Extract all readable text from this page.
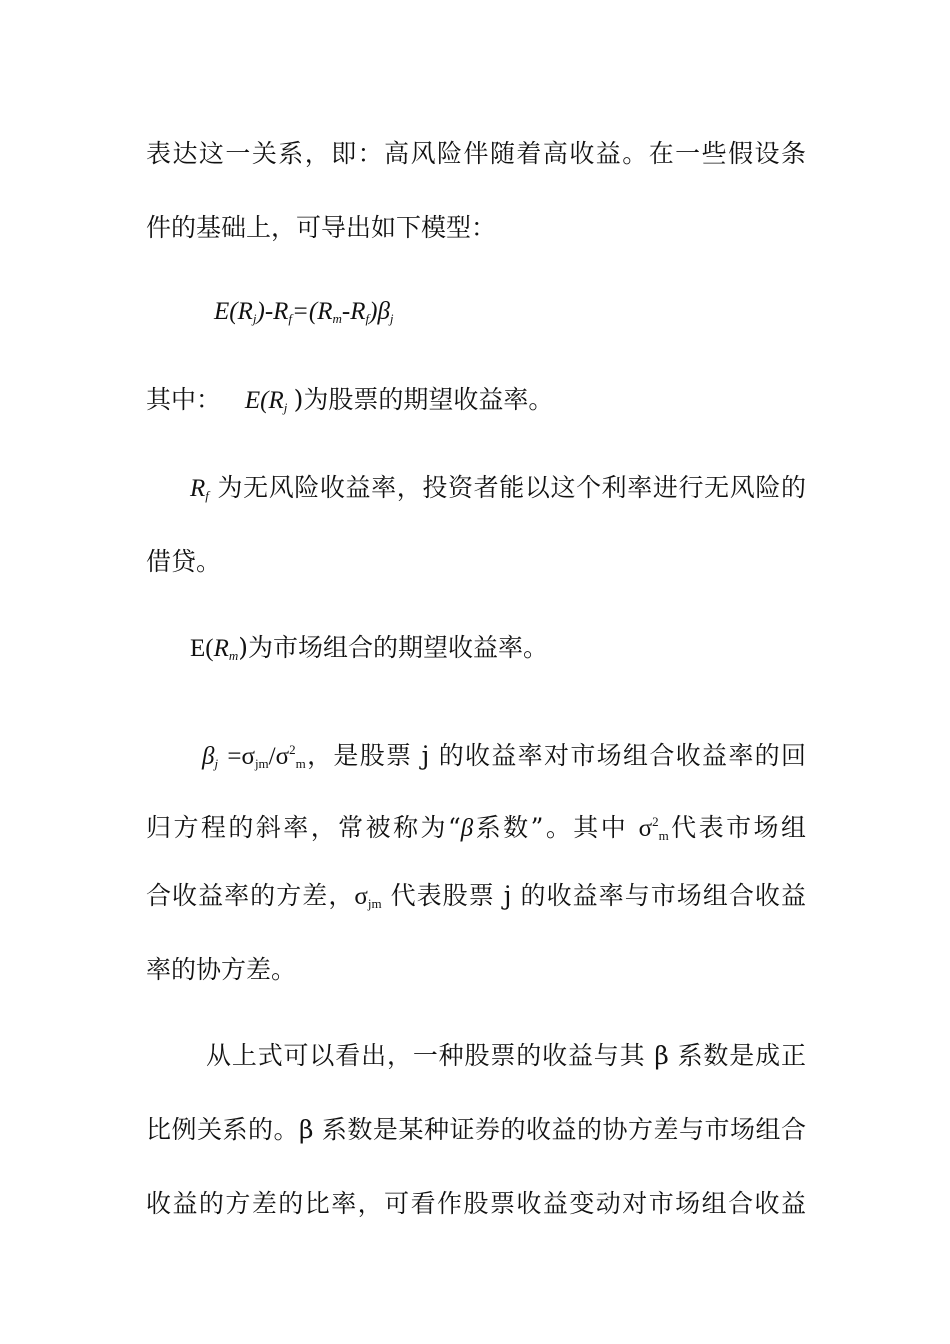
表达这一关系，即：高风险伴随着高收益。在一些假设条
件的基础上，可导出如下模型：
$E(R_j)-R_f=(R_m-R_f)\beta_j$
其中： $E(R_j$ )为股票的期望收益率。
$R_f$ 为无风险收益率，投资者能以这个利率进行无风险的
借贷。
$E(R_m)$为市场组合的期望收益率。
$\beta_j =\sigma_{jm}/\sigma^2_m$，是股票 j 的收益率对市场组合收益率的回
归方程的斜率，常被称为“β系数”。其中 $\sigma^2_m$代表市场组
合收益率的方差，$\sigma_{jm}$ 代表股票 j 的收益率与市场组合收益
率的协方差。
从上式可以看出，一种股票的收益与其 β 系数是成正
比例关系的。β 系数是某种证券的收益的协方差与市场组合
收益的方差的比率，可看作股票收益变动对市场组合收益
